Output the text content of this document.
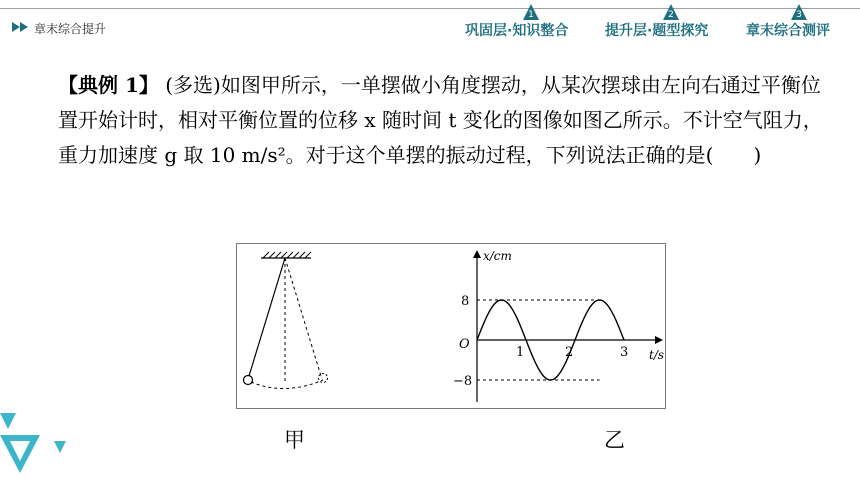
章末综合提升
1
巩固层·知识整合
2
提升层·题型探究
3
章末综合测评
【典例 1】 (多选)如图甲所示，一单摆做小角度摆动，从某次摆球由左向右通过平衡位置开始计时，相对平衡位置的位移 x 随时间 t 变化的图像如图乙所示。不计空气阻力，重力加速度 g 取 10 m/s²。对于这个单摆的振动过程，下列说法正确的是(　　)
x/cm
t/s
O
8
−8
1	2	3
甲	乙
